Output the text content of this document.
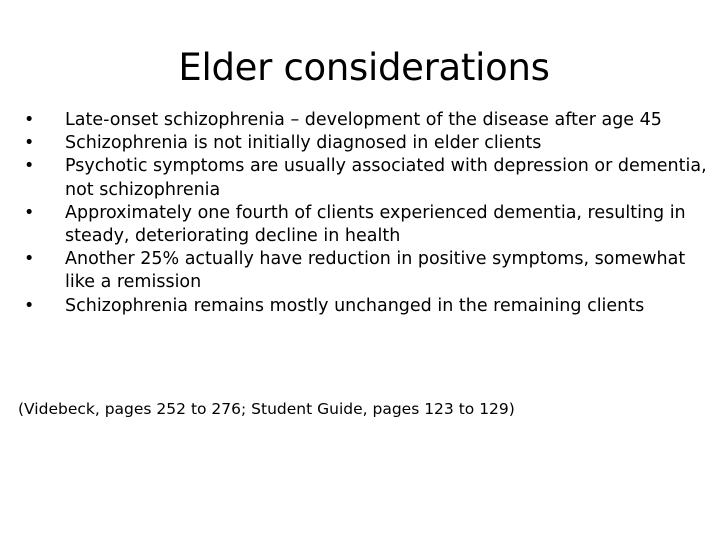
Elder considerations
• Late-onset schizophrenia – development of the disease after age 45
• Schizophrenia is not initially diagnosed in elder clients
• Psychotic symptoms are usually associated with depression or dementia, not schizophrenia
• Approximately one fourth of clients experienced dementia, resulting in steady, deteriorating decline in health
• Another 25% actually have reduction in positive symptoms, somewhat like a remission
• Schizophrenia remains mostly unchanged in the remaining clients
(Videbeck, pages 252 to 276; Student Guide, pages 123 to 129)
